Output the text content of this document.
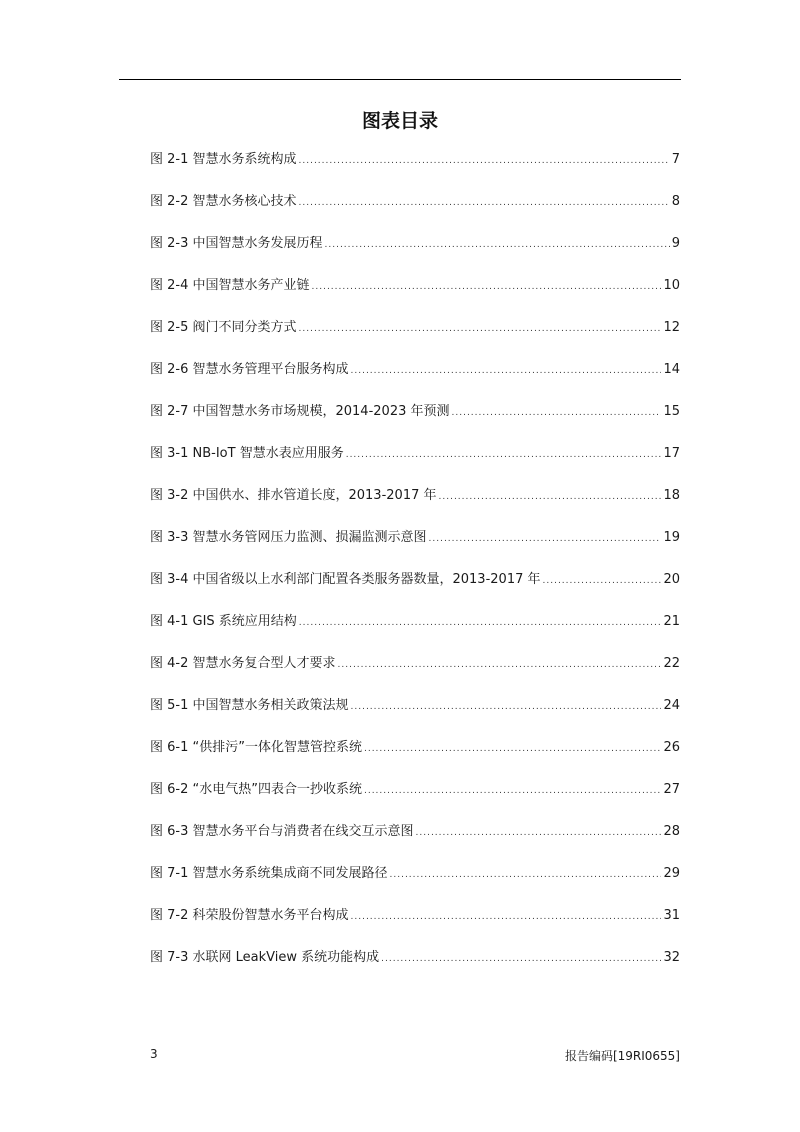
图表目录
图 2-1 智慧水务系统构成 .....	7
图 2-2 智慧水务核心技术 .....	8
图 2-3 中国智慧水务发展历程 .....	9
图 2-4 中国智慧水务产业链 .....	10
图 2-5 阀门不同分类方式 .....	12
图 2-6 智慧水务管理平台服务构成 .....	14
图 2-7 中国智慧水务市场规模，2014-2023 年预测 .....	15
图 3-1 NB-IoT 智慧水表应用服务 .....	17
图 3-2 中国供水、排水管道长度，2013-2017 年 .....	18
图 3-3 智慧水务管网压力监测、损漏监测示意图 .....	19
图 3-4 中国省级以上水利部门配置各类服务器数量，2013-2017 年 .....	20
图 4-1 GIS 系统应用结构 .....	21
图 4-2 智慧水务复合型人才要求 .....	22
图 5-1 中国智慧水务相关政策法规 .....	24
图 6-1 “供排污”一体化智慧管控系统 .....	26
图 6-2 “水电气热”四表合一抄收系统 .....	27
图 6-3 智慧水务平台与消费者在线交互示意图 .....	28
图 7-1 智慧水务系统集成商不同发展路径 .....	29
图 7-2 科荣股份智慧水务平台构成 .....	31
图 7-3 水联网 LeakView 系统功能构成 .....	32
3	报告编码[19RI0655]
